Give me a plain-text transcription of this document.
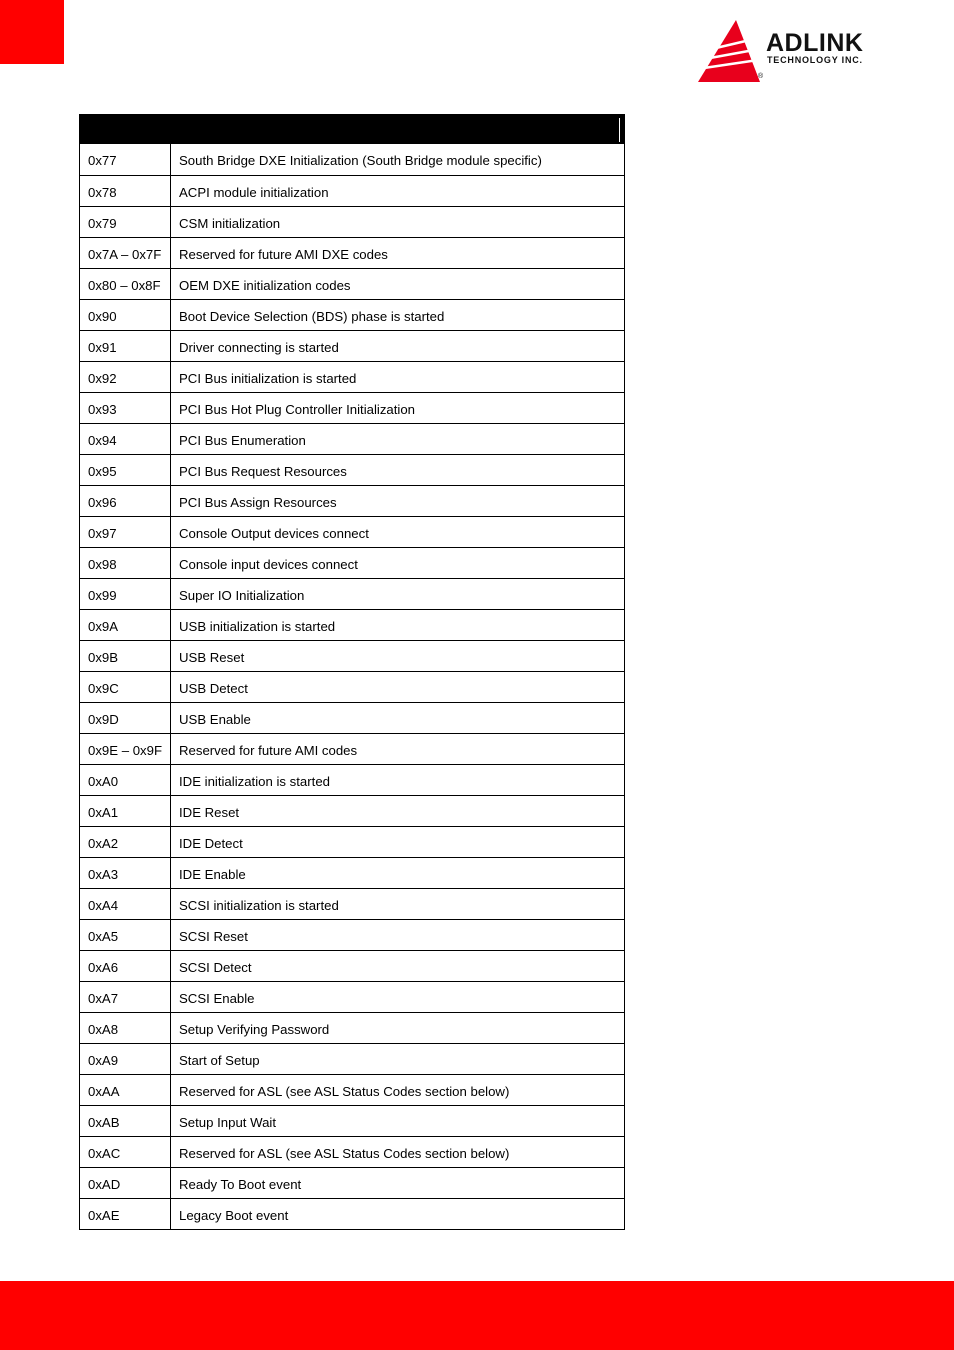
ADLINK
TECHNOLOGY INC.
®
0x77	South Bridge DXE Initialization (South Bridge module specific)
0x78	ACPI module initialization
0x79	CSM initialization
0x7A – 0x7F	Reserved for future AMI DXE codes
0x80 – 0x8F	OEM DXE initialization codes
0x90	Boot Device Selection (BDS) phase is started
0x91	Driver connecting is started
0x92	PCI Bus initialization is started
0x93	PCI Bus Hot Plug Controller Initialization
0x94	PCI Bus Enumeration
0x95	PCI Bus Request Resources
0x96	PCI Bus Assign Resources
0x97	Console Output devices connect
0x98	Console input devices connect
0x99	Super IO Initialization
0x9A	USB initialization is started
0x9B	USB Reset
0x9C	USB Detect
0x9D	USB Enable
0x9E – 0x9F	Reserved for future AMI codes
0xA0	IDE initialization is started
0xA1	IDE Reset
0xA2	IDE Detect
0xA3	IDE Enable
0xA4	SCSI initialization is started
0xA5	SCSI Reset
0xA6	SCSI Detect
0xA7	SCSI Enable
0xA8	Setup Verifying Password
0xA9	Start of Setup
0xAA	Reserved for ASL (see ASL Status Codes section below)
0xAB	Setup Input Wait
0xAC	Reserved for ASL (see ASL Status Codes section below)
0xAD	Ready To Boot event
0xAE	Legacy Boot event
